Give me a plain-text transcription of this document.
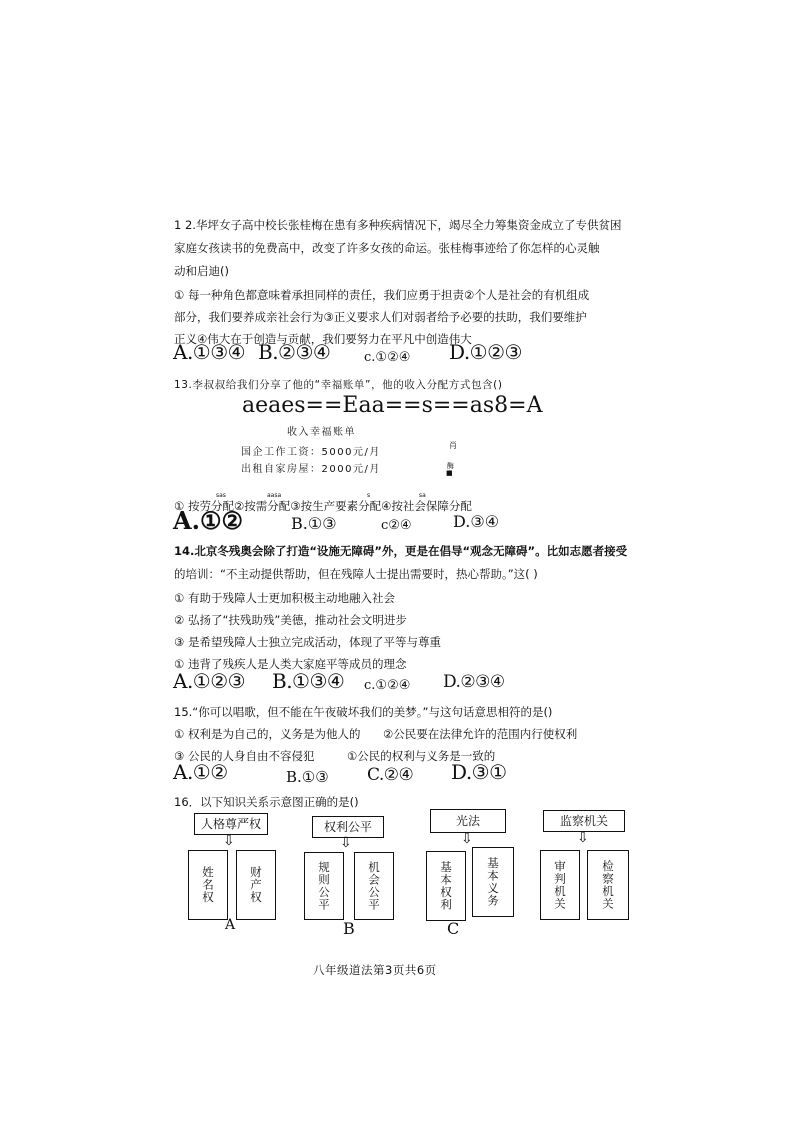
1 2.华坪女子高中校长张桂梅在患有多种疾病情况下，竭尽全力筹集资金成立了专供贫困
家庭女孩读书的免费高中，改变了许多女孩的命运。张桂梅事迹给了你怎样的心灵触
动和启迪()
① 每一种角色都意味着承担同样的责任，我们应勇于担责②个人是社会的有机组成
部分，我们要养成亲社会行为③正义要求人们对弱者给予必要的扶助，我们要维护
正义④伟大在于创造与贡献，我们要努力在平凡中创造伟大
A.①③④ B.②③④	c.①②④ D.①②③
13.李叔叔给我们分享了他的“幸福账单”，他的收入分配方式包含()
aeaes==Eaa==s==as8=A
收入幸福账单
国企工作工资：5000元/月
出租自家房屋：2000元/月
肖
酶
■
sas	aasa	s	sa
① 按劳分配②按需分配③按生产要素分配④按社会保障分配
A.①②	B.①③	c②④	D.③④
14.北京冬残奥会除了打造“设施无障碍”外，更是在倡导“观念无障碍”。比如志愿者接受
的培训：“不主动提供帮助，但在残障人士提出需要时，热心帮助。”这( )
① 有助于残障人士更加积极主动地融入社会
② 弘扬了“扶残助残”美德，推动社会文明进步
③ 是希望残障人士独立完成活动，体现了平等与尊重
① 违背了残疾人是人类大家庭平等成员的理念
A.①②③ B.①③④ c.①②④ D.②③④
15.“你可以唱歌，但不能在午夜破坏我们的美梦。”与这句话意思相符的是()
① 权利是为自己的，义务是为他人的 ②公民要在法律允许的范围内行使权利
③ 公民的人身自由不容侵犯	①公民的权利与义务是一致的
A.①②	B.①③ C.②④ D.③①
16．以下知识关系示意图正确的是()
人格尊严权
⇩
姓名权	财产权
A
权利公平
⇩
规则公平	机会公平
B
光法
⇩
基本权利	基本义务
C
监察机关
⇩
审判机关	检察机关
八年级道法第3页共6页
